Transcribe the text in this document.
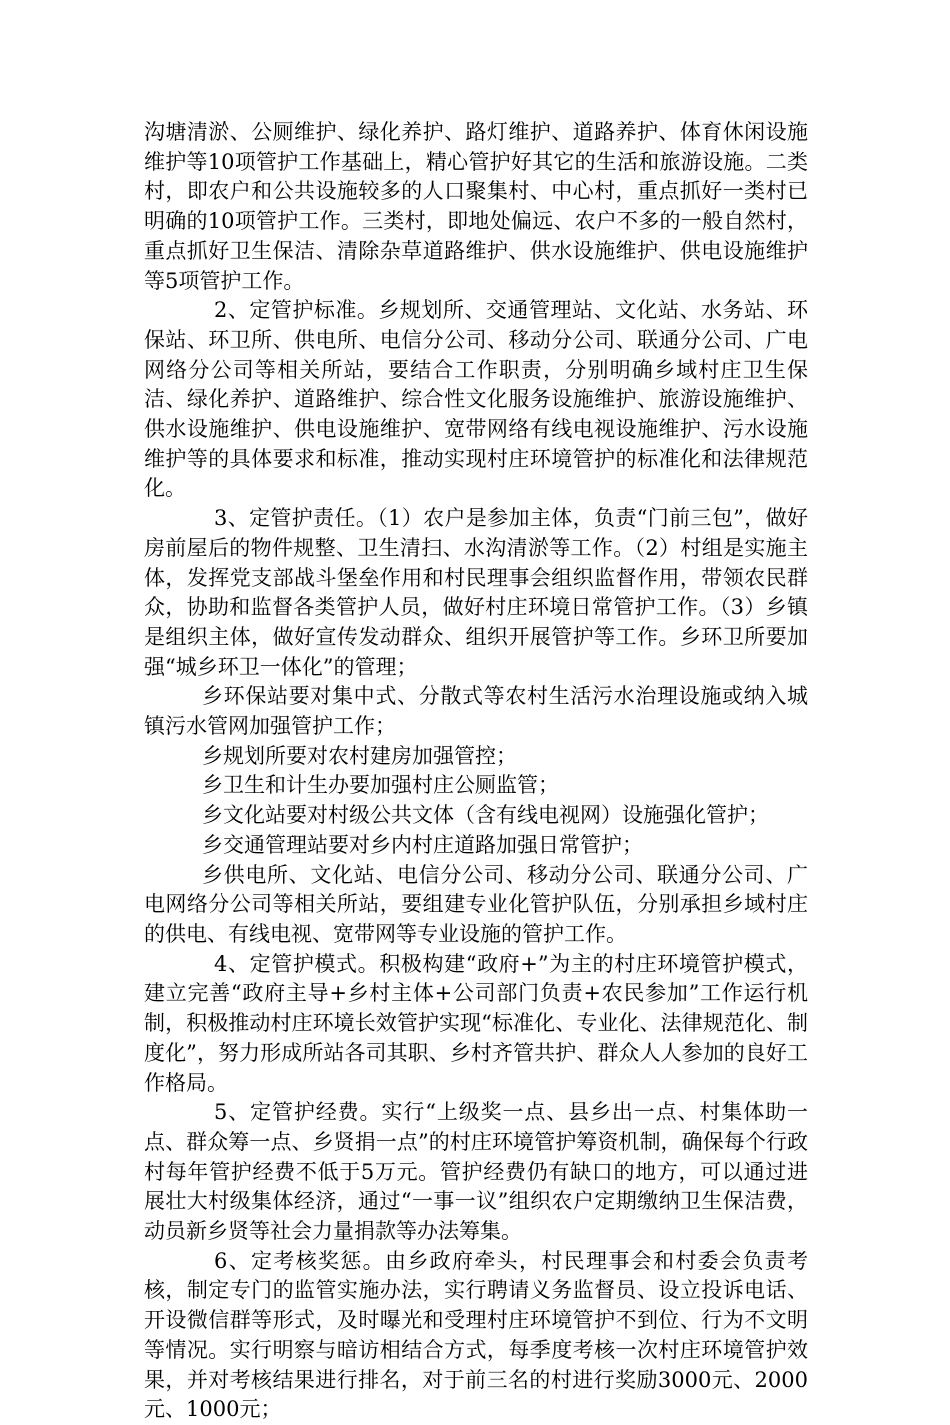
沟塘清淤、公厕维护、绿化养护、路灯维护、道路养护、体育休闲设施维护等10项管护工作基础上，精心管护好其它的生活和旅游设施。二类村，即农户和公共设施较多的人口聚集村、中心村，重点抓好一类村已明确的10项管护工作。三类村，即地处偏远、农户不多的一般自然村，重点抓好卫生保洁、清除杂草道路维护、供水设施维护、供电设施维护等5项管护工作。

2、定管护标准。乡规划所、交通管理站、文化站、水务站、环保站、环卫所、供电所、电信分公司、移动分公司、联通分公司、广电网络分公司等相关所站，要结合工作职责，分别明确乡域村庄卫生保洁、绿化养护、道路维护、综合性文化服务设施维护、旅游设施维护、供水设施维护、供电设施维护、宽带网络有线电视设施维护、污水设施维护等的具体要求和标准，推动实现村庄环境管护的标准化和法律规范化。

3、定管护责任。（1）农户是参加主体，负责“门前三包”，做好房前屋后的物件规整、卫生清扫、水沟清淤等工作。（2）村组是实施主体，发挥党支部战斗堡垒作用和村民理事会组织监督作用，带领农民群众，协助和监督各类管护人员，做好村庄环境日常管护工作。（3）乡镇是组织主体，做好宣传发动群众、组织开展管护等工作。乡环卫所要加强“城乡环卫一体化”的管理；

乡环保站要对集中式、分散式等农村生活污水治理设施或纳入城镇污水管网加强管护工作；

乡规划所要对农村建房加强管控；

乡卫生和计生办要加强村庄公厕监管；

乡文化站要对村级公共文体（含有线电视网）设施强化管护；

乡交通管理站要对乡内村庄道路加强日常管护；

乡供电所、文化站、电信分公司、移动分公司、联通分公司、广电网络分公司等相关所站，要组建专业化管护队伍，分别承担乡域村庄的供电、有线电视、宽带网等专业设施的管护工作。

4、定管护模式。积极构建“政府+”为主的村庄环境管护模式，建立完善“政府主导+乡村主体+公司部门负责+农民参加”工作运行机制，积极推动村庄环境长效管护实现“标准化、专业化、法律规范化、制度化”，努力形成所站各司其职、乡村齐管共护、群众人人参加的良好工作格局。

5、定管护经费。实行“上级奖一点、县乡出一点、村集体助一点、群众筹一点、乡贤捐一点”的村庄环境管护筹资机制，确保每个行政村每年管护经费不低于5万元。管护经费仍有缺口的地方，可以通过进展壮大村级集体经济，通过“一事一议”组织农户定期缴纳卫生保洁费，动员新乡贤等社会力量捐款等办法筹集。

6、定考核奖惩。由乡政府牵头，村民理事会和村委会负责考核，制定专门的监管实施办法，实行聘请义务监督员、设立投诉电话、开设微信群等形式，及时曝光和受理村庄环境管护不到位、行为不文明等情况。实行明察与暗访相结合方式，每季度考核一次村庄环境管护效果，并对考核结果进行排名，对于前三名的村进行奖励3000元、2000元、1000元；
